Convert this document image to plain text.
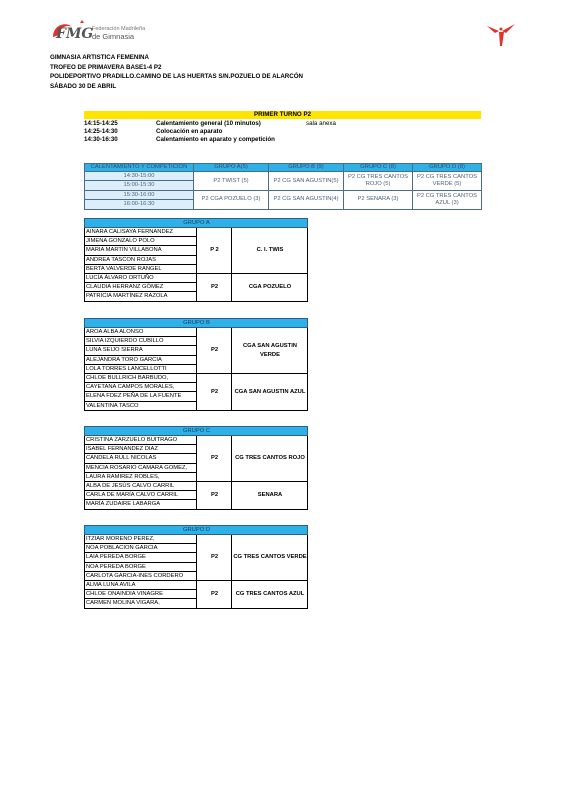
FMG
Federación Madrileña
de Gimnasia
GIMNASIA ARTISTICA FEMENINA
TROFEO DE PRIMAVERA BASE1-4 P2
POLIDEPORTIVO PRADILLO.CAMINO DE LAS HUERTAS S/N.POZUELO DE ALARCÓN
SÁBADO 30 DE ABRIL
PRIMER TURNO P2
14:15-14:25	Calentamiento general (10 minutos)	sala anexa
14:25-14:30	Colocación en aparato
14:30-16:30	Calentamiento en aparato y competición
CALENTAMIENTO Y COMPETICION	GRUPO A(5)	GRUPO B (9)	GRUPO C (8)	GRUPO D (8)
14:30-15:00	P2 TWIST (5)	P2 CG SAN AGUSTIN(5)	P2 CG TRES CANTOS ROJO (5)	P2 CG TRES CANTOS VERDE (5)
15:00-15:30				
15:30-16:00	P2 CGA POZUELO (3)	P2 CG SAN AGUSTIN(4)	P2 SENARA (3)	P2 CG TRES CANTOS AZUL (3)
16:00-16:30				
GRUPO A		
AINARA CALISAYA FERNANDEZ	P 2	C. I. TWIS
JIMENA GONZALO POLO		
MARIA MARTIN VILLABONA		
ANDREA TASCON ROJAS		
BERTA VALVERDE RANGEL		
LUCÍA ÁLVARO ORTUÑO	P2	CGA POZUELO
CLAUDIA HERRANZ GÓMEZ		
PATRICIA MARTÍNEZ RAZOLA		
GRUPO B		
AROA ALBA ALONSO	P2	CGA SAN AGUSTIN VERDE
SILVIA IZQUIERDO CUBILLO		
LUNA SEIJO SIERRA		
ALEJANDRA TORO GARCIA		
LOLA TORRES LANCELLOTTI		
CHLOE BULLRICH BARBUDO,	P2	CGA SAN AGUSTIN AZUL
CAYETANA CAMPOS MORALES,		
ELENA FDEZ PEÑA DE LA FUENTE		
VALENTINA TASCO		
GRUPO C		
CRISTINA ZARZUELO BUITRAGO	P2	CG TRES CANTOS ROJO
ISABEL FERNANDEZ DIAZ		
CANDELA RULL NICOLAS		
MENCIA ROSARIO CAMARA GOMEZ,		
LAURA RAMIREZ ROBLES,		
ALBA DE JESÚS CALVO CARRIL	P2	SENARA
CARLA DE MARÍA CALVO CARRIL		
MARÍA ZUDAIRE LABARGA		
GRUPO D		
ITZIAR MORENO PEREZ,	P2	CG TRES CANTOS VERDE
NOA POBLACION GARCIA		
LAIA PEREDA BORGE		
NOA PEREDA BORGE		
CARLOTA GARCIA-INES CORDERO		
ALMA LUNA AVILA	P2	CG TRES CANTOS AZUL
CHLOE ONAINDIA VINAGRE		
CARMEN MOLINA VIGARA,		
